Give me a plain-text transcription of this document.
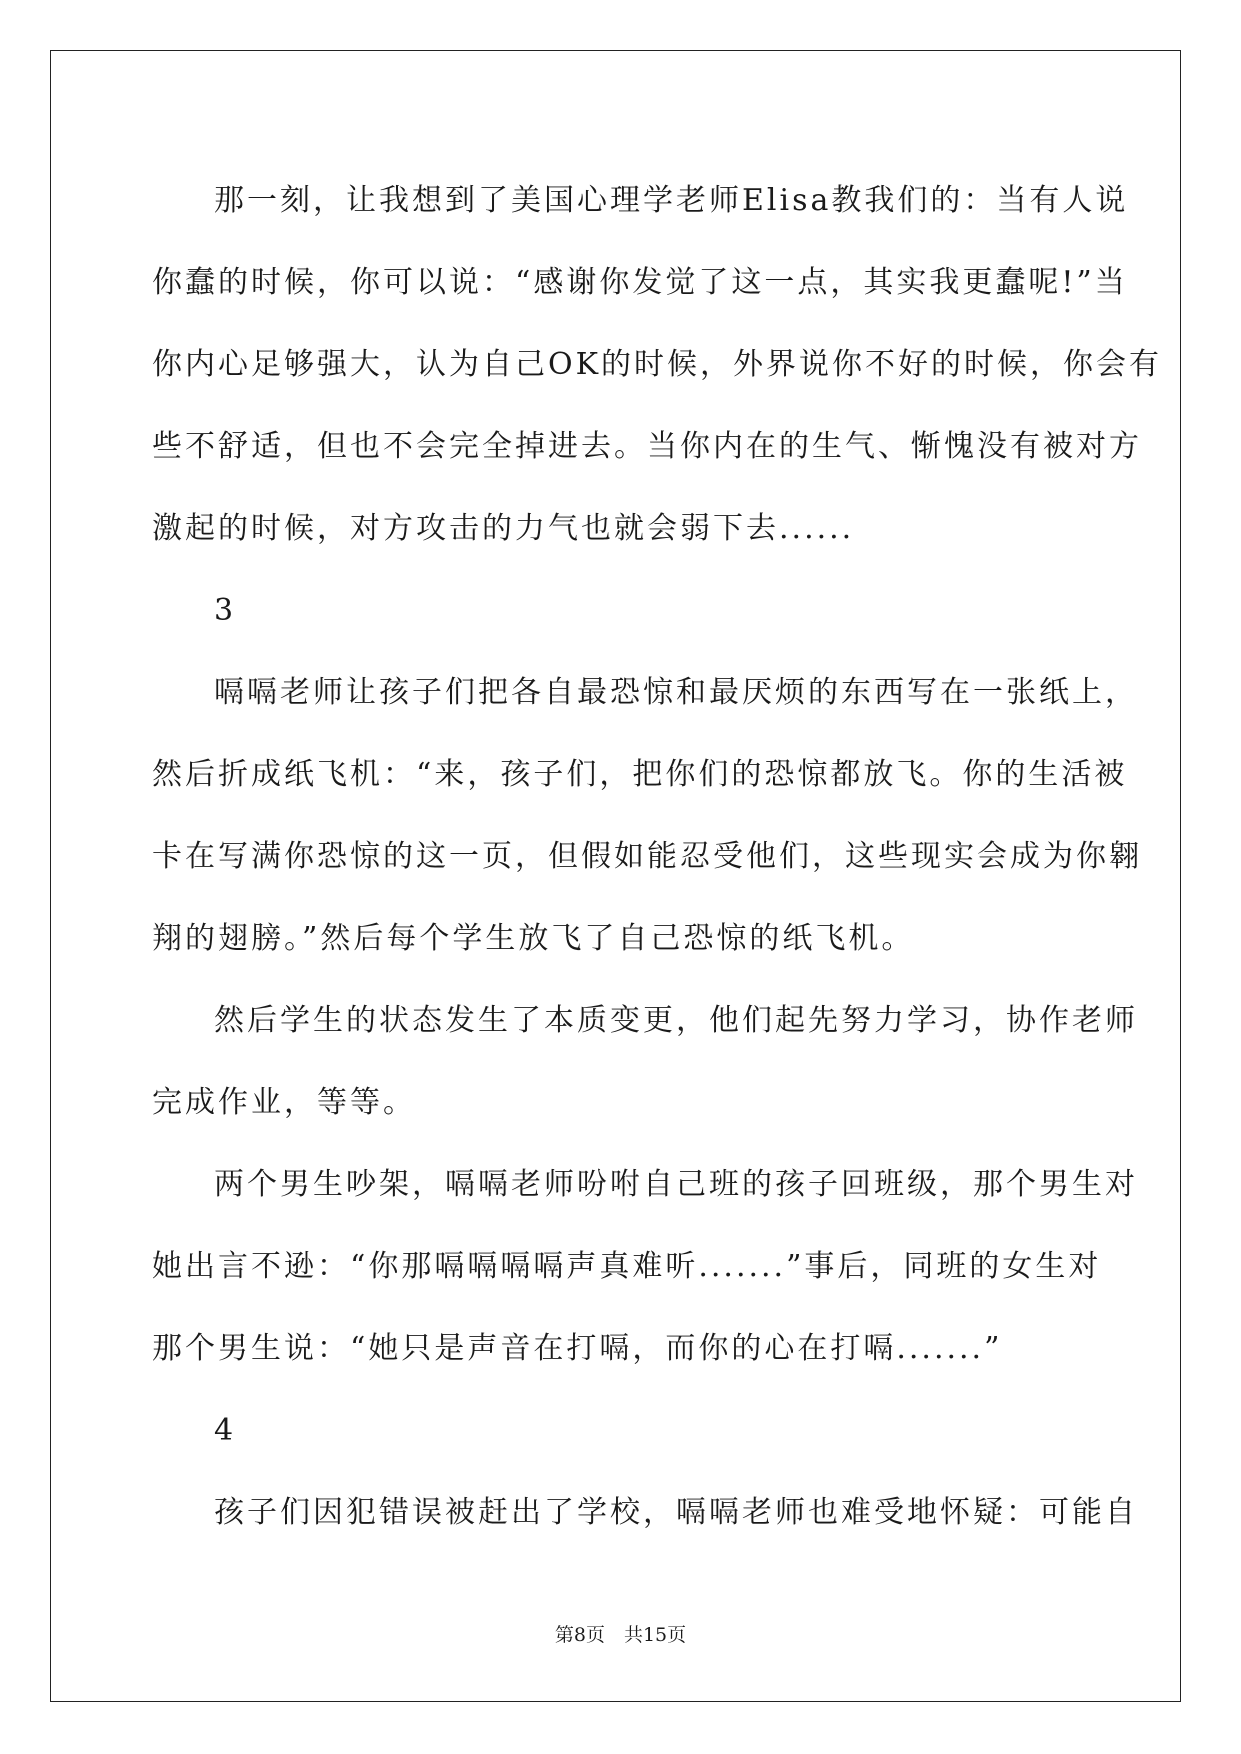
那一刻，让我想到了美国心理学老师Elisa教我们的：当有人说
你蠢的时候，你可以说：“感谢你发觉了这一点，其实我更蠢呢!”当
你内心足够强大，认为自己OK的时候，外界说你不好的时候，你会有
些不舒适，但也不会完全掉进去。当你内在的生气、惭愧没有被对方
激起的时候，对方攻击的力气也就会弱下去......
3
嗝嗝老师让孩子们把各自最恐惊和最厌烦的东西写在一张纸上，
然后折成纸飞机：“来，孩子们，把你们的恐惊都放飞。你的生活被
卡在写满你恐惊的这一页，但假如能忍受他们，这些现实会成为你翱
翔的翅膀。”然后每个学生放飞了自己恐惊的纸飞机。
然后学生的状态发生了本质变更，他们起先努力学习，协作老师
完成作业，等等。
两个男生吵架，嗝嗝老师吩咐自己班的孩子回班级，那个男生对
她出言不逊：“你那嗝嗝嗝嗝声真难听.......”事后，同班的女生对
那个男生说：“她只是声音在打嗝，而你的心在打嗝.......”
4
孩子们因犯错误被赶出了学校，嗝嗝老师也难受地怀疑：可能自
第8页　共15页
